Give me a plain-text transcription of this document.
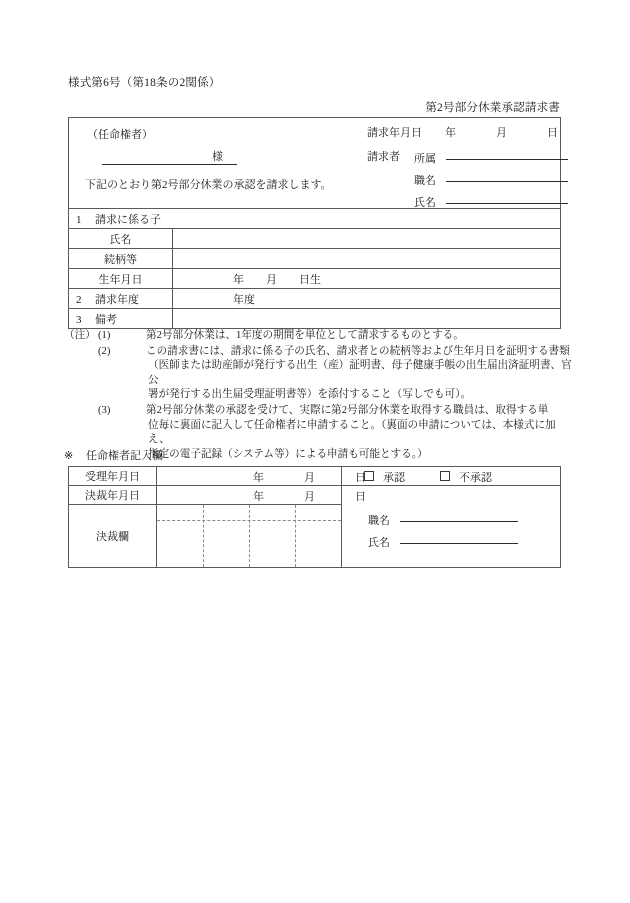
様式第6号（第18条の2関係）
第2号部分休業承認請求書
（任命権者）
様
下記のとおり第2号部分休業の承認を請求します。
請求年月日 年	月	日
請求者 所属
職名
氏名

1 請求に係る子	
氏名	
続柄等	
生年月日	年　　月　　日生
2 請求年度	年度
3 備考	
（注） (1)	第2号部分休業は、1年度の期間を単位として請求するものとする。

(2)	この請求書には、請求に係る子の氏名、請求者との続柄等および生年月日を証明する書類

（医師または助産師が発行する出生（産）証明書、母子健康手帳の出生届出済証明書、官公

署が発行する出生届受理証明書等）を添付すること（写しでも可）。

(3)	第2号部分休業の承認を受けて、実際に第2号部分休業を取得する職員は、取得する単

位毎に裏面に記入して任命権者に申請すること。（裏面の申請については、本様式に加え、

指定の電子記録（システム等）による申請も可能とする。）

※ 任命権者記入欄
受理年月日	年 月 日	承認 不承認

決裁年月日	年 月 日	職名
氏名

決裁欄		
